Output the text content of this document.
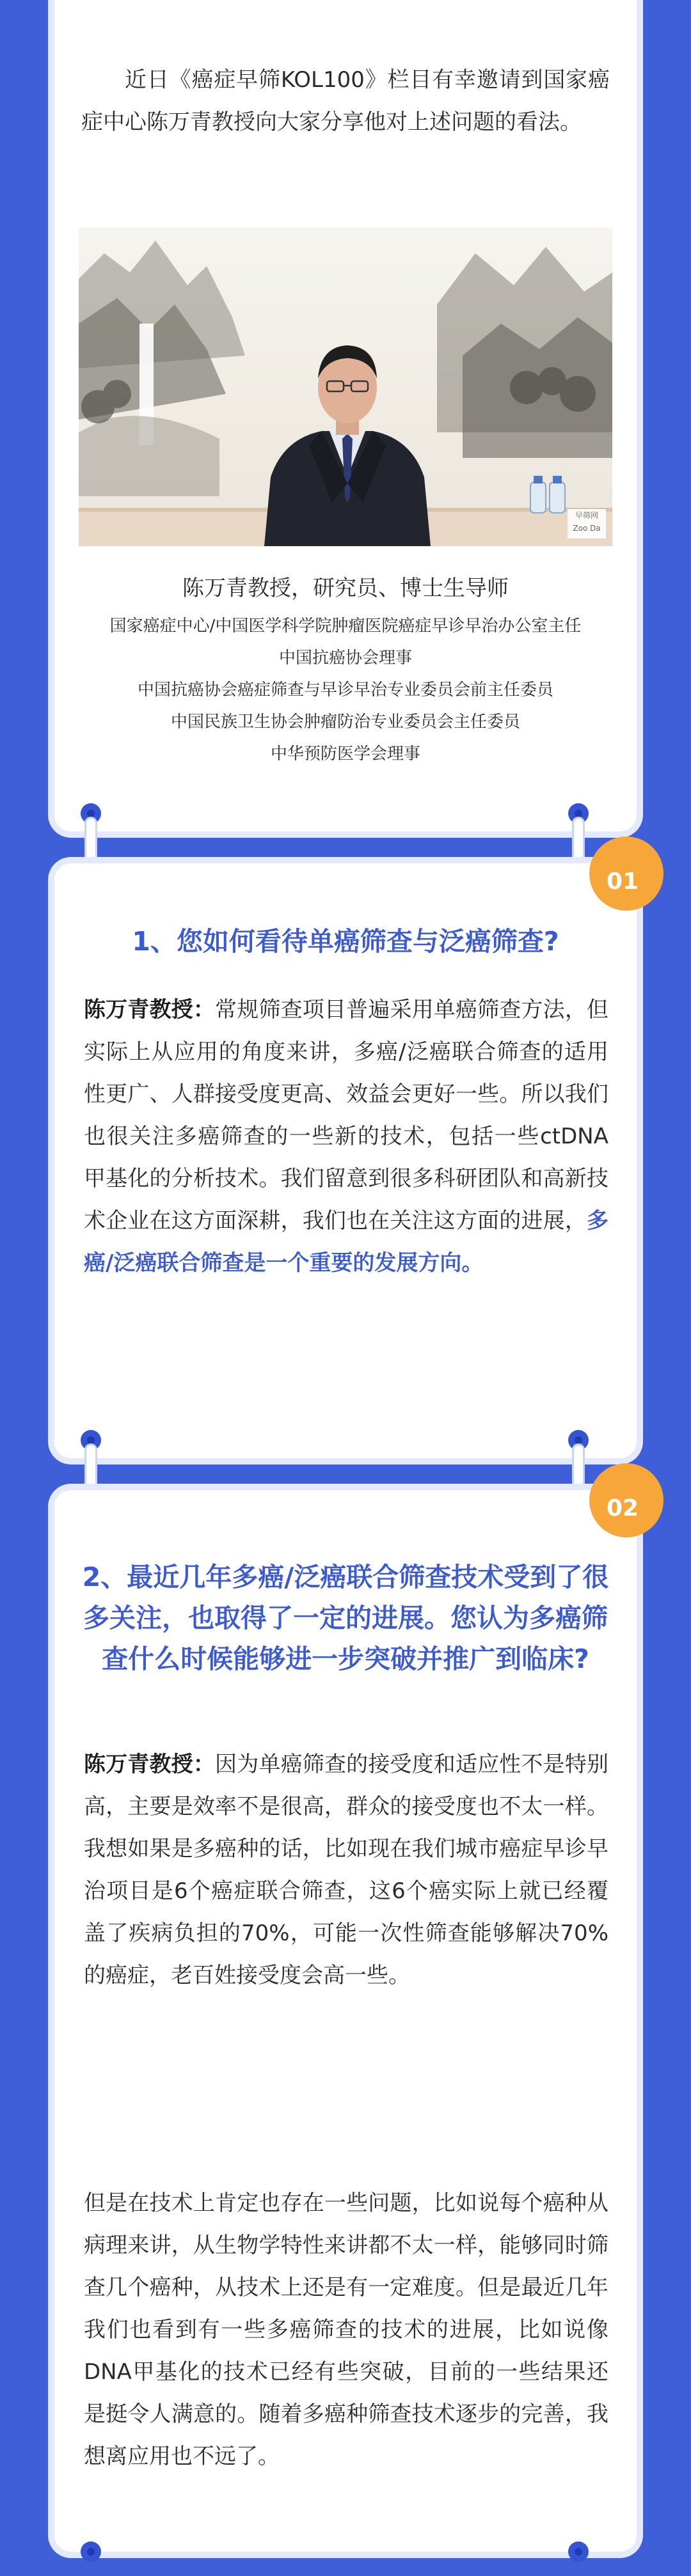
近日《癌症早筛KOL100》栏目有幸邀请到国家癌症中心陈万青教授向大家分享他对上述问题的看法。

早筛网
Zoo Da

陈万青教授，研究员、博士生导师

国家癌症中心/中国医学科学院肿瘤医院癌症早诊早治办公室主任

中国抗癌协会理事

中国抗癌协会癌症筛查与早诊早治专业委员会前主任委员

中国民族卫生协会肿瘤防治专业委员会主任委员

中华预防医学会理事

01

1、您如何看待单癌筛查与泛癌筛查?

陈万青教授：常规筛查项目普遍采用单癌筛查方法，但实际上从应用的角度来讲，多癌/泛癌联合筛查的适用性更广、人群接受度更高、效益会更好一些。所以我们也很关注多癌筛查的一些新的技术，包括一些ctDNA甲基化的分析技术。我们留意到很多科研团队和高新技术企业在这方面深耕，我们也在关注这方面的进展，多癌/泛癌联合筛查是一个重要的发展方向。

02

2、最近几年多癌/泛癌联合筛查技术受到了很多关注，也取得了一定的进展。您认为多癌筛查什么时候能够进一步突破并推广到临床?

陈万青教授：因为单癌筛查的接受度和适应性不是特别高，主要是效率不是很高，群众的接受度也不太一样。我想如果是多癌种的话，比如现在我们城市癌症早诊早治项目是6个癌症联合筛查，这6个癌实际上就已经覆盖了疾病负担的70%，可能一次性筛查能够解决70%的癌症，老百姓接受度会高一些。

但是在技术上肯定也存在一些问题，比如说每个癌种从病理来讲，从生物学特性来讲都不太一样，能够同时筛查几个癌种，从技术上还是有一定难度。但是最近几年我们也看到有一些多癌筛查的技术的进展，比如说像DNA甲基化的技术已经有些突破，目前的一些结果还是挺令人满意的。随着多癌种筛查技术逐步的完善，我想离应用也不远了。
